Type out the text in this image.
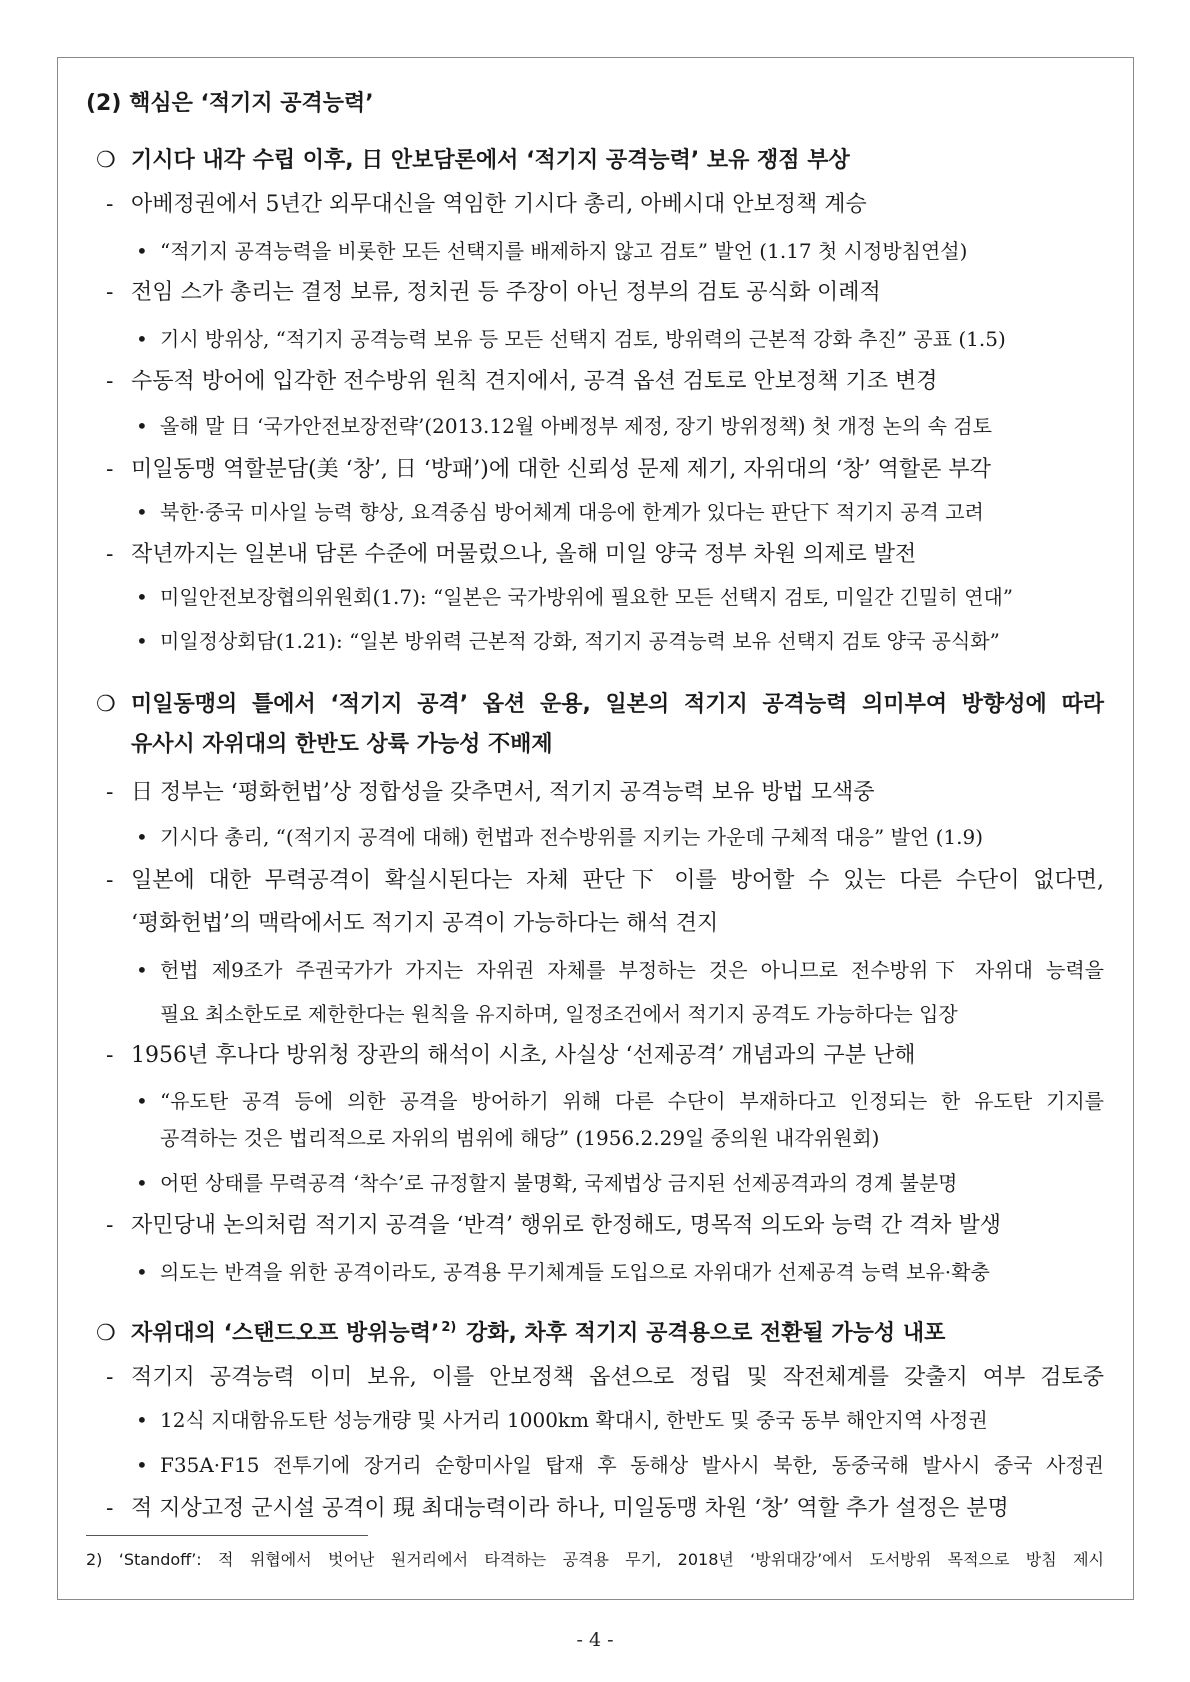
(2) 핵심은 ‘적기지 공격능력’
❍ 기시다 내각 수립 이후, 日 안보담론에서 ‘적기지 공격능력’ 보유 쟁점 부상
- 아베정권에서 5년간 외무대신을 역임한 기시다 총리, 아베시대 안보정책 계승
• “적기지 공격능력을 비롯한 모든 선택지를 배제하지 않고 검토” 발언 (1.17 첫 시정방침연설)
- 전임 스가 총리는 결정 보류, 정치권 등 주장이 아닌 정부의 검토 공식화 이례적
• 기시 방위상, “적기지 공격능력 보유 등 모든 선택지 검토, 방위력의 근본적 강화 추진” 공표 (1.5)
- 수동적 방어에 입각한 전수방위 원칙 견지에서, 공격 옵션 검토로 안보정책 기조 변경
• 올해 말 日 ‘국가안전보장전략’(2013.12월 아베정부 제정, 장기 방위정책) 첫 개정 논의 속 검토
- 미일동맹 역할분담(美 ‘창’, 日 ‘방패’)에 대한 신뢰성 문제 제기, 자위대의 ‘창’ 역할론 부각
• 북한·중국 미사일 능력 향상, 요격중심 방어체계 대응에 한계가 있다는 판단下 적기지 공격 고려
- 작년까지는 일본내 담론 수준에 머물렀으나, 올해 미일 양국 정부 차원 의제로 발전
• 미일안전보장협의위원회(1.7): “일본은 국가방위에 필요한 모든 선택지 검토, 미일간 긴밀히 연대”
• 미일정상회담(1.21): “일본 방위력 근본적 강화, 적기지 공격능력 보유 선택지 검토 양국 공식화”
❍ 미일동맹의 틀에서 ‘적기지 공격’ 옵션 운용, 일본의 적기지 공격능력 의미부여 방향성에 따라
유사시 자위대의 한반도 상륙 가능성 不배제
- 日 정부는 ‘평화헌법’상 정합성을 갖추면서, 적기지 공격능력 보유 방법 모색중
• 기시다 총리, “(적기지 공격에 대해) 헌법과 전수방위를 지키는 가운데 구체적 대응” 발언 (1.9)
- 일본에 대한 무력공격이 확실시된다는 자체 판단下 이를 방어할 수 있는 다른 수단이 없다면,
‘평화헌법’의 맥락에서도 적기지 공격이 가능하다는 해석 견지
• 헌법 제9조가 주권국가가 가지는 자위권 자체를 부정하는 것은 아니므로 전수방위下 자위대 능력을
필요 최소한도로 제한한다는 원칙을 유지하며, 일정조건에서 적기지 공격도 가능하다는 입장
- 1956년 후나다 방위청 장관의 해석이 시초, 사실상 ‘선제공격’ 개념과의 구분 난해
• “유도탄 공격 등에 의한 공격을 방어하기 위해 다른 수단이 부재하다고 인정되는 한 유도탄 기지를
공격하는 것은 법리적으로 자위의 범위에 해당” (1956.2.29일 중의원 내각위원회)
• 어떤 상태를 무력공격 ‘착수’로 규정할지 불명확, 국제법상 금지된 선제공격과의 경계 불분명
- 자민당내 논의처럼 적기지 공격을 ‘반격’ 행위로 한정해도, 명목적 의도와 능력 간 격차 발생
• 의도는 반격을 위한 공격이라도, 공격용 무기체계들 도입으로 자위대가 선제공격 능력 보유·확충
❍ 자위대의 ‘스탠드오프 방위능력’ $^{2)}$ 강화, 차후 적기지 공격용으로 전환될 가능성 내포
- 적기지 공격능력 이미 보유, 이를 안보정책 옵션으로 정립 및 작전체계를 갖출지 여부 검토중
• 12식 지대함유도탄 성능개량 및 사거리 1000km 확대시, 한반도 및 중국 동부 해안지역 사정권
• F35A·F15 전투기에 장거리 순항미사일 탑재 후 동해상 발사시 북한, 동중국해 발사시 중국 사정권
- 적 지상고정 군시설 공격이 現 최대능력이라 하나, 미일동맹 차원 ‘창’ 역할 추가 설정은 분명
2) ‘Standoff’: 적 위협에서 벗어난 원거리에서 타격하는 공격용 무기, 2018년 ‘방위대강’에서 도서방위 목적으로 방침 제시
- 4 -
